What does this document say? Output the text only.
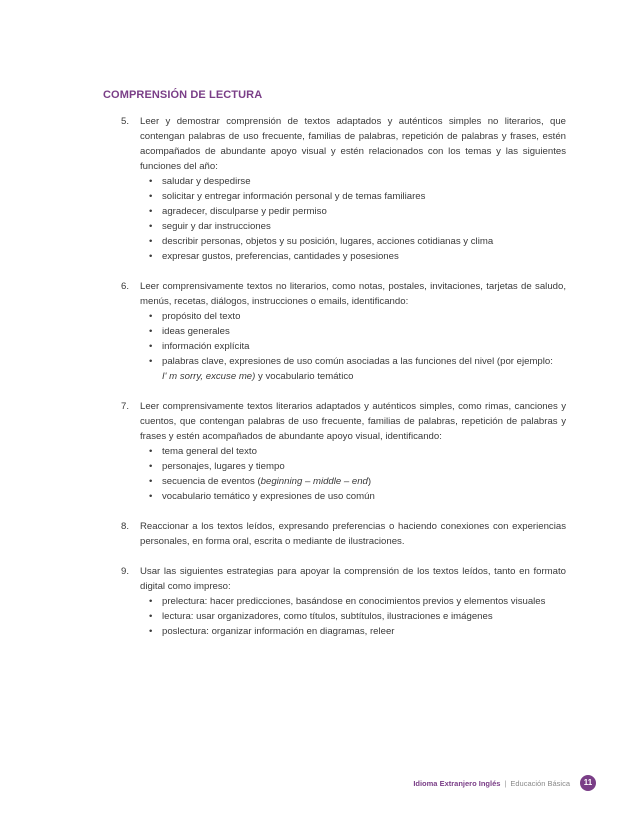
COMPRENSIÓN DE LECTURA
5. Leer y demostrar comprensión de textos adaptados y auténticos simples no literarios, que contengan palabras de uso frecuente, familias de palabras, repetición de palabras y frases, estén acompañados de abundante apoyo visual y estén relacionados con los temas y las siguientes funciones del año:
• saludar y despedirse
• solicitar y entregar información personal y de temas familiares
• agradecer, disculparse y pedir permiso
• seguir y dar instrucciones
• describir personas, objetos y su posición, lugares, acciones cotidianas y clima
• expresar gustos, preferencias, cantidades y posesiones
6. Leer comprensivamente textos no literarios, como notas, postales, invitaciones, tarjetas de saludo, menús, recetas, diálogos, instrucciones o emails, identificando:
• propósito del texto
• ideas generales
• información explícita
• palabras clave, expresiones de uso común asociadas a las funciones del nivel (por ejemplo:
I' m sorry, excuse me) y vocabulario temático
7. Leer comprensivamente textos literarios adaptados y auténticos simples, como rimas, canciones y cuentos, que contengan palabras de uso frecuente, familias de palabras, repetición de palabras y frases y estén acompañados de abundante apoyo visual, identificando:
• tema general del texto
• personajes, lugares y tiempo
• secuencia de eventos (beginning – middle – end)
• vocabulario temático y expresiones de uso común
8. Reaccionar a los textos leídos, expresando preferencias o haciendo conexiones con experiencias personales, en forma oral, escrita o mediante de ilustraciones.
9. Usar las siguientes estrategias para apoyar la comprensión de los textos leídos, tanto en formato digital como impreso:
• prelectura: hacer predicciones, basándose en conocimientos previos y elementos visuales
• lectura: usar organizadores, como títulos, subtítulos, ilustraciones e imágenes
• poslectura: organizar información en diagramas, releer
Idioma Extranjero Inglés | Educación Básica	11
